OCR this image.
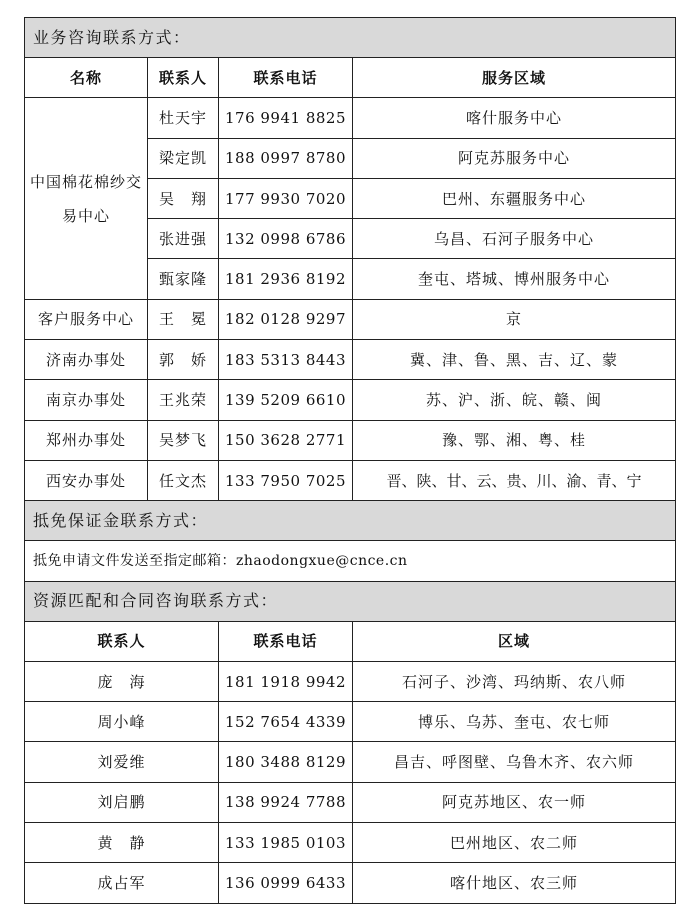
业务咨询联系方式：			
名称	联系人	联系电话	服务区域
中国棉花棉纱交易中心	杜天宇	176 9941 8825	喀什服务中心
	梁定凯	188 0997 8780	阿克苏服务中心
	吴　翔	177 9930 7020	巴州、东疆服务中心
	张进强	132 0998 6786	乌昌、石河子服务中心
	甄家隆	181 2936 8192	奎屯、塔城、博州服务中心
客户服务中心	王　冕	182 0128 9297	京
济南办事处	郭　娇	183 5313 8443	冀、津、鲁、黑、吉、辽、蒙
南京办事处	王兆荣	139 5209 6610	苏、沪、浙、皖、赣、闽
郑州办事处	吴梦飞	150 3628 2771	豫、鄂、湘、粤、桂
西安办事处	任文杰	133 7950 7025	晋、陕、甘、云、贵、川、渝、青、宁
抵免保证金联系方式：			
抵免申请文件发送至指定邮箱：zhaodongxue@cnce.cn			
资源匹配和合同咨询联系方式：			
联系人		联系电话	区域
庞　海		181 1918 9942	石河子、沙湾、玛纳斯、农八师
周小峰		152 7654 4339	博乐、乌苏、奎屯、农七师
刘爱维		180 3488 8129	昌吉、呼图壁、乌鲁木齐、农六师
刘启鹏		138 9924 7788	阿克苏地区、农一师
黄　静		133 1985 0103	巴州地区、农二师
成占军		136 0999 6433	喀什地区、农三师
